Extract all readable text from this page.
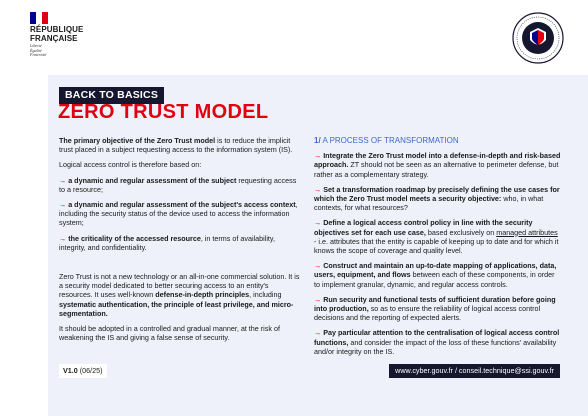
RÉPUBLIQUE
FRANÇAISE
Liberté
Égalité
Fraternité
BACK TO BASICS
ZERO TRUST MODEL

The primary objective of the Zero Trust model is to reduce the implicit trust placed in a subject requesting access to the information system (IS).

Logical access control is therefore based on:

→ a dynamic and regular assessment of the subject requesting access to a resource;

→ a dynamic and regular assessment of the subject's access context, including the security status of the device used to access the information system;

→ the criticality of the accessed resource, in terms of availability, integrity, and confidentiality.

Zero Trust is not a new technology or an all-in-one commercial solution. It is a security model dedicated to better securing access to an entity's resources. It uses well-known defense-in-depth principles, including systematic authentication, the principle of least privilege, and micro-segmentation.

It should be adopted in a controlled and gradual manner, at the risk of weakening the IS and giving a false sense of security.

1/ A PROCESS OF TRANSFORMATION

→ Integrate the Zero Trust model into a defense-in-depth and risk-based approach. ZT should not be seen as an alternative to perimeter defense, but rather as a complementary strategy.

→ Set a transformation roadmap by precisely defining the use cases for which the Zero Trust model meets a security objective: who, in what contexts, for what resources?

→ Define a logical access control policy in line with the security objectives set for each use case, based exclusively on managed attributes - i.e. attributes that the entity is capable of keeping up to date and for which it knows the scope of coverage and quality level.

→ Construct and maintain an up-to-date mapping of applications, data, users, equipment, and flows between each of these components, in order to implement granular, dynamic, and regular access controls.

→ Run security and functional tests of sufficient duration before going into production, so as to ensure the reliability of logical access control decisions and the reporting of expected alerts.

→ Pay particular attention to the centralisation of logical access control functions, and consider the impact of the loss of these functions' availability and/or integrity on the IS.

V1.0 (06/25)	www.cyber.gouv.fr / conseil.technique@ssi.gouv.fr
